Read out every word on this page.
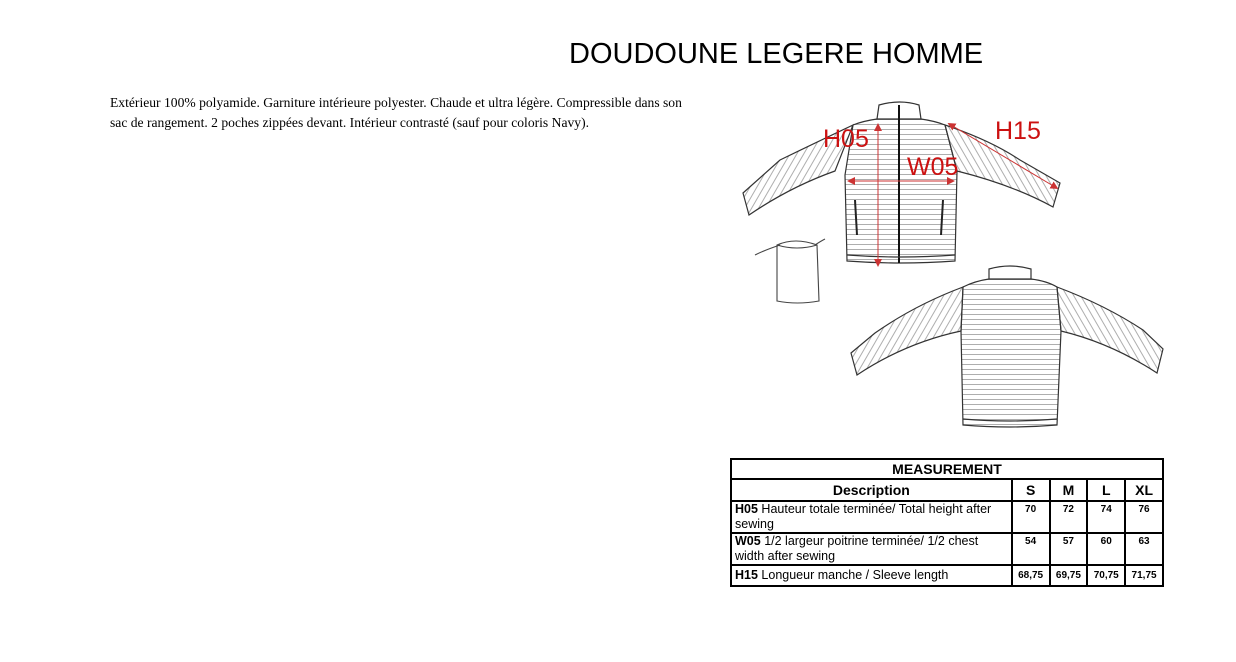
DOUDOUNE LEGERE HOMME
Extérieur 100% polyamide. Garniture intérieure polyester. Chaude et ultra légère. Compressible dans son sac de rangement. 2 poches zippées devant. Intérieur contrasté (sauf pour coloris Navy).
H05
W05
H15
MEASUREMENT				
Description	S	M	L	XL
H05 Hauteur totale terminée/ Total height after sewing	70	72	74	76
W05 1/2 largeur poitrine terminée/ 1/2 chest width after sewing	54	57	60	63
H15 Longueur manche / Sleeve length	68,75	69,75	70,75	71,75
